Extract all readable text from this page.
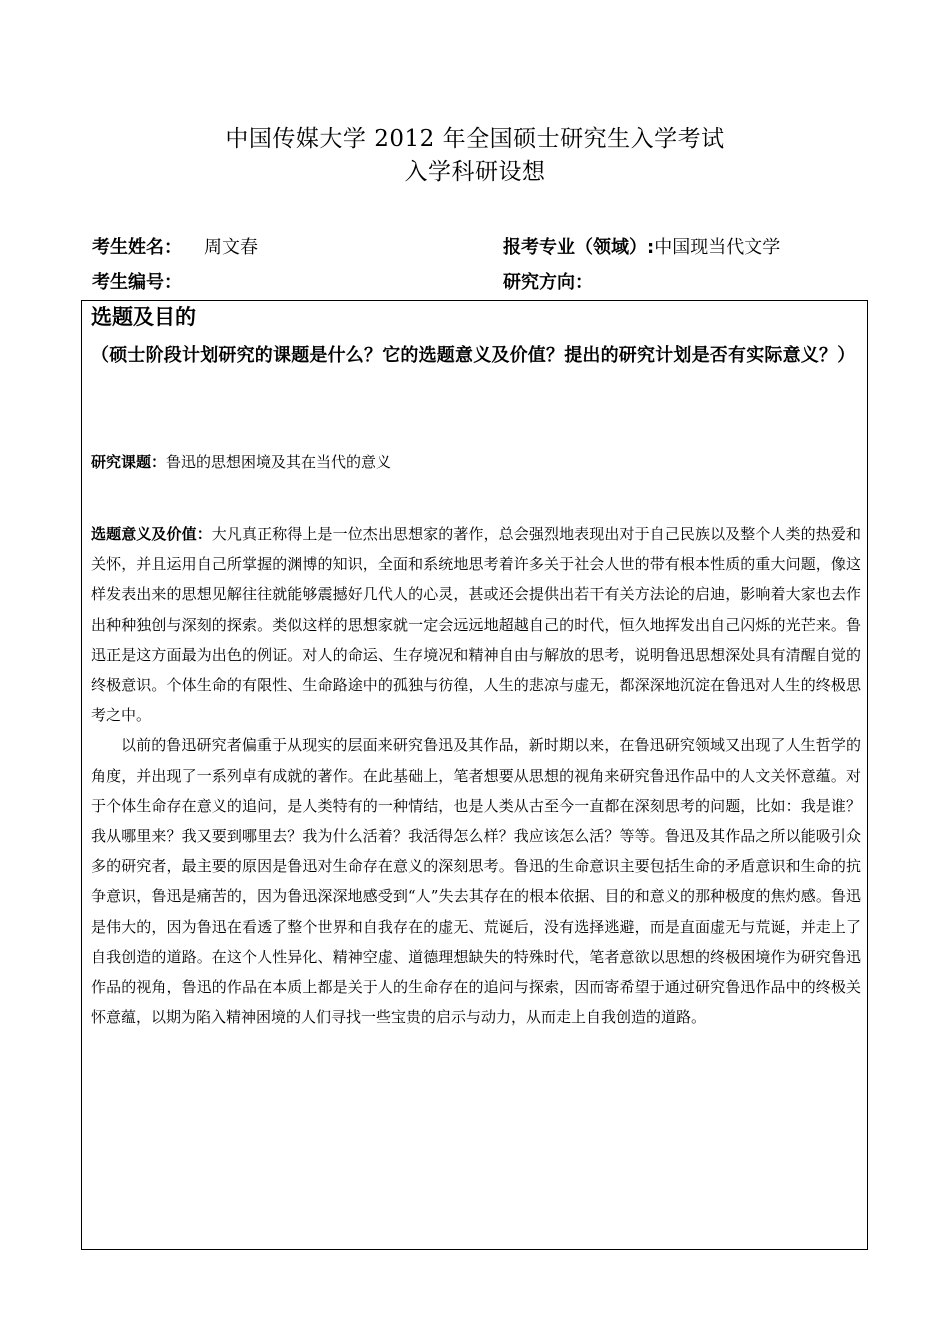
中国传媒大学 2012 年全国硕士研究生入学考试
入学科研设想
考生姓名： 周文春	报考专业（领域）:中国现当代文学
考生编号：	研究方向：
选题及目的
（硕士阶段计划研究的课题是什么？它的选题意义及价值？提出的研究计划是否有实际意义？）
研究课题：鲁迅的思想困境及其在当代的意义

选题意义及价值：大凡真正称得上是一位杰出思想家的著作，总会强烈地表现出对于自己民族以及整个人类的热爱和关怀，并且运用自己所掌握的渊博的知识，全面和系统地思考着许多关于社会人世的带有根本性质的重大问题，像这样发表出来的思想见解往往就能够震撼好几代人的心灵，甚或还会提供出若干有关方法论的启迪，影响着大家也去作出种种独创与深刻的探索。类似这样的思想家就一定会远远地超越自己的时代，恒久地挥发出自己闪烁的光芒来。鲁迅正是这方面最为出色的例证。对人的命运、生存境况和精神自由与解放的思考，说明鲁迅思想深处具有清醒自觉的终极意识。个体生命的有限性、生命路途中的孤独与彷徨，人生的悲凉与虚无，都深深地沉淀在鲁迅对人生的终极思考之中。

以前的鲁迅研究者偏重于从现实的层面来研究鲁迅及其作品，新时期以来，在鲁迅研究领域又出现了人生哲学的角度，并出现了一系列卓有成就的著作。在此基础上，笔者想要从思想的视角来研究鲁迅作品中的人文关怀意蕴。对于个体生命存在意义的追问，是人类特有的一种情结，也是人类从古至今一直都在深刻思考的问题，比如：我是谁？我从哪里来？我又要到哪里去？我为什么活着？我活得怎么样？我应该怎么活？等等。鲁迅及其作品之所以能吸引众多的研究者，最主要的原因是鲁迅对生命存在意义的深刻思考。鲁迅的生命意识主要包括生命的矛盾意识和生命的抗争意识，鲁迅是痛苦的，因为鲁迅深深地感受到“人”失去其存在的根本依据、目的和意义的那种极度的焦灼感。鲁迅是伟大的，因为鲁迅在看透了整个世界和自我存在的虚无、荒诞后，没有选择逃避，而是直面虚无与荒诞，并走上了自我创造的道路。在这个人性异化、精神空虚、道德理想缺失的特殊时代，笔者意欲以思想的终极困境作为研究鲁迅作品的视角，鲁迅的作品在本质上都是关于人的生命存在的追问与探索，因而寄希望于通过研究鲁迅作品中的终极关怀意蕴，以期为陷入精神困境的人们寻找一些宝贵的启示与动力，从而走上自我创造的道路。
